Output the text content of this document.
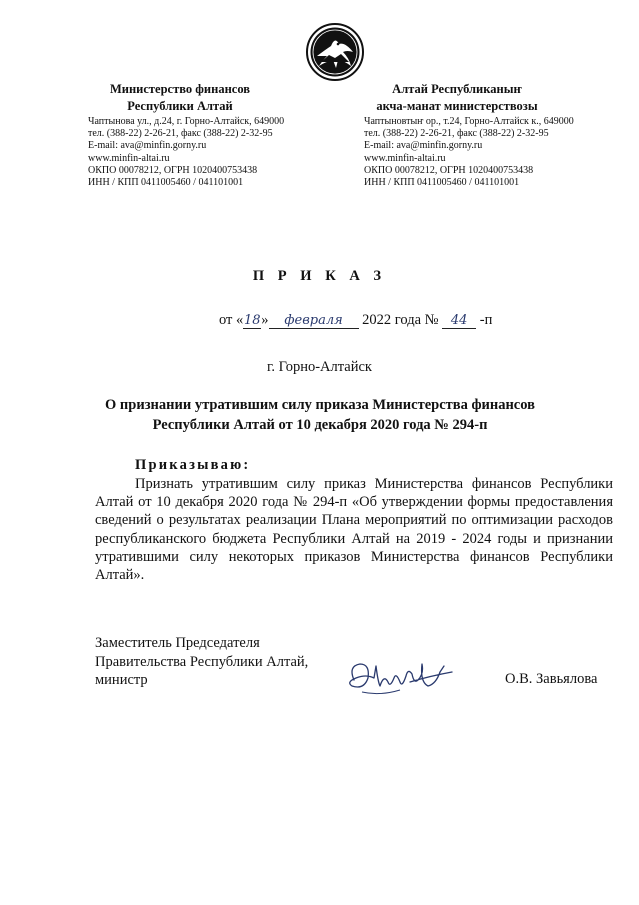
Министерство финансов
Республики Алтай
Чаптынова ул., д.24, г. Горно-Алтайск, 649000
тел. (388-22) 2-26-21, факс (388-22) 2-32-95
E-mail: ava@minfin.gorny.ru
www.minfin-altai.ru
ОКПО 00078212, ОГРН 1020400753438
ИНН / КПП 0411005460 / 041101001
Алтай Республиканыҥ
акча-манат министерствозы
Чаптыновтыҥ ор., т.24, Горно-Алтайск к., 649000
тел. (388-22) 2-26-21, факс (388-22) 2-32-95
E-mail: ava@minfin.gorny.ru
www.minfin-altai.ru
ОКПО 00078212, ОГРН 1020400753438
ИНН / КПП 0411005460 / 041101001
П Р И К А З
от «18» февраля 2022 года № 44 -п
г. Горно-Алтайск
О признании утратившим силу приказа Министерства финансов
Республики Алтай от 10 декабря 2020 года № 294-п
Приказываю:
Признать утратившим силу приказ Министерства финансов Республики Алтай от 10 декабря 2020 года № 294-п «Об утверждении формы предоставления сведений о результатах реализации Плана мероприятий по оптимизации расходов республиканского бюджета Республики Алтай на 2019 - 2024 годы и признании утратившими силу некоторых приказов Министерства финансов Республики Алтай».
Заместитель Председателя
Правительства Республики Алтай,
министр	О.В. Завьялова
